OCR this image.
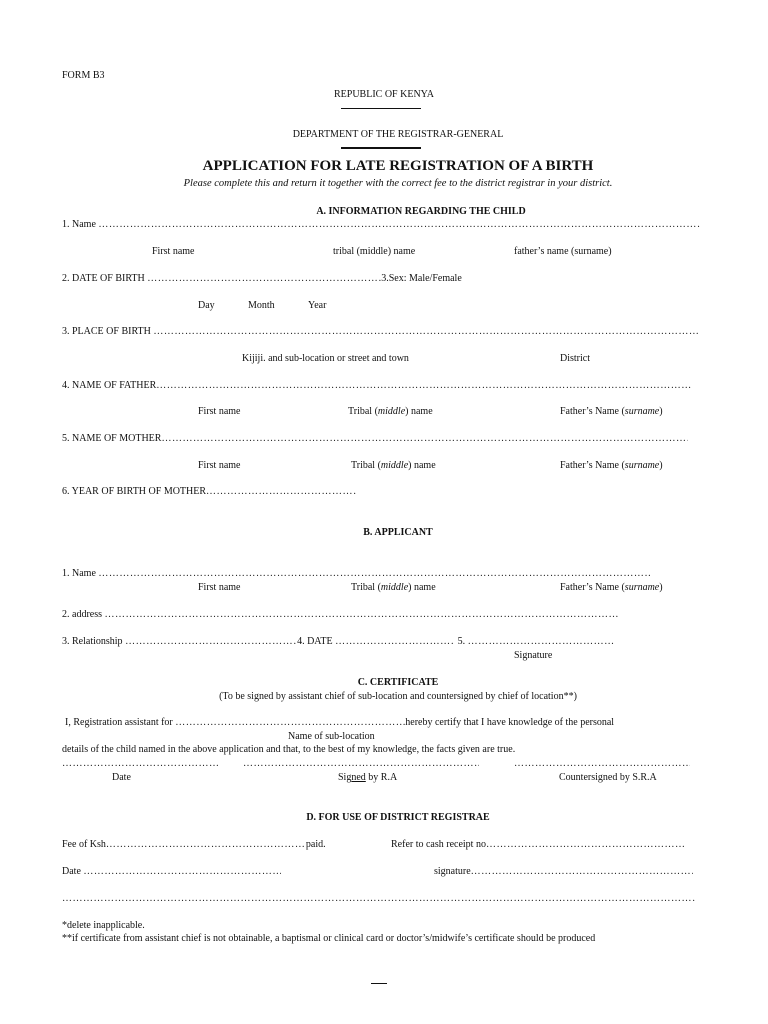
FORM B3
REPUBLIC OF KENYA
DEPARTMENT OF THE REGISTRAR-GENERAL
APPLICATION FOR LATE REGISTRATION OF A BIRTH
Please complete this and return it together with the correct fee to the district registrar in your district.
A. INFORMATION REGARDING THE CHILD
1. Name ……………………………………………………………………………………………………………………………………………………………………………………………………………………………
First name	tribal (middle) name	father’s name (surname)
2. DATE OF BIRTH ……………………………………………………………………………………………………………………………………………………………………………………………………………………………	3.Sex: Male/Female
Day	Month	Year
3. PLACE OF BIRTH ……………………………………………………………………………………………………………………………………………………………………………………………………………………………
Kijiji. and sub-location or street and town	District
4. NAME OF FATHER……………………………………………………………………………………………………………………………………………………………………………………………………………………………
First name	Tribal (middle) name	Father’s Name (surname)
5. NAME OF MOTHER……………………………………………………………………………………………………………………………………………………………………………………………………………………………
First name	Tribal (middle) name	Father’s Name (surname)
6. YEAR OF BIRTH OF MOTHER……………………………………………………………………………………………………………………………………………………………………………………………………………………………
B. APPLICANT
1. Name ……………………………………………………………………………………………………………………………………………………………………………………………………………………………
First name	Tribal (middle) name	Father’s Name (surname)
2. address ……………………………………………………………………………………………………………………………………………………………………………………………………………………………
3. Relationship ……………………………………………………………………………………………………………………………………………………………………………………………………………………………	4. DATE ……………………………………………………………………………………………………………………………………………………………………………………………………………………………	5. ……………………………………………………………………………………………………………………………………………………………………………………………………………………………
Signature
C. CERTIFICATE
(To be signed by assistant chief of sub-location and countersigned by chief of location**)
I, Registration assistant for ……………………………………………………………………………………………………………………………………………………………………………………………………………………………	hereby certify that I have knowledge of the personal
Name of sub-location
details of the child named in the above application and that, to the best of my knowledge, the facts given are true.
……………………………………………………………………………………………………………………………………………………………………………………………………………………………
……………………………………………………………………………………………………………………………………………………………………………………………………………………………
……………………………………………………………………………………………………………………………………………………………………………………………………………………………
Date	Signed by R.A	Countersigned by S.R.A
D. FOR USE OF DISTRICT REGISTRAE
Fee of Ksh ……………………………………………………………………………………………………………………………………………………………………………………………………………………………	paid.	Refer to cash receipt no……………………………………………………………………………………………………………………………………………………………………………………………………………………………
Date ……………………………………………………………………………………………………………………………………………………………………………………………………………………………	signature……………………………………………………………………………………………………………………………………………………………………………………………………………………………
……………………………………………………………………………………………………………………………………………………………………………………………………………………………
*delete inapplicable.
**if certificate from assistant chief is not obtainable, a baptismal or clinical card or doctor’s/midwife’s certificate should be produced
